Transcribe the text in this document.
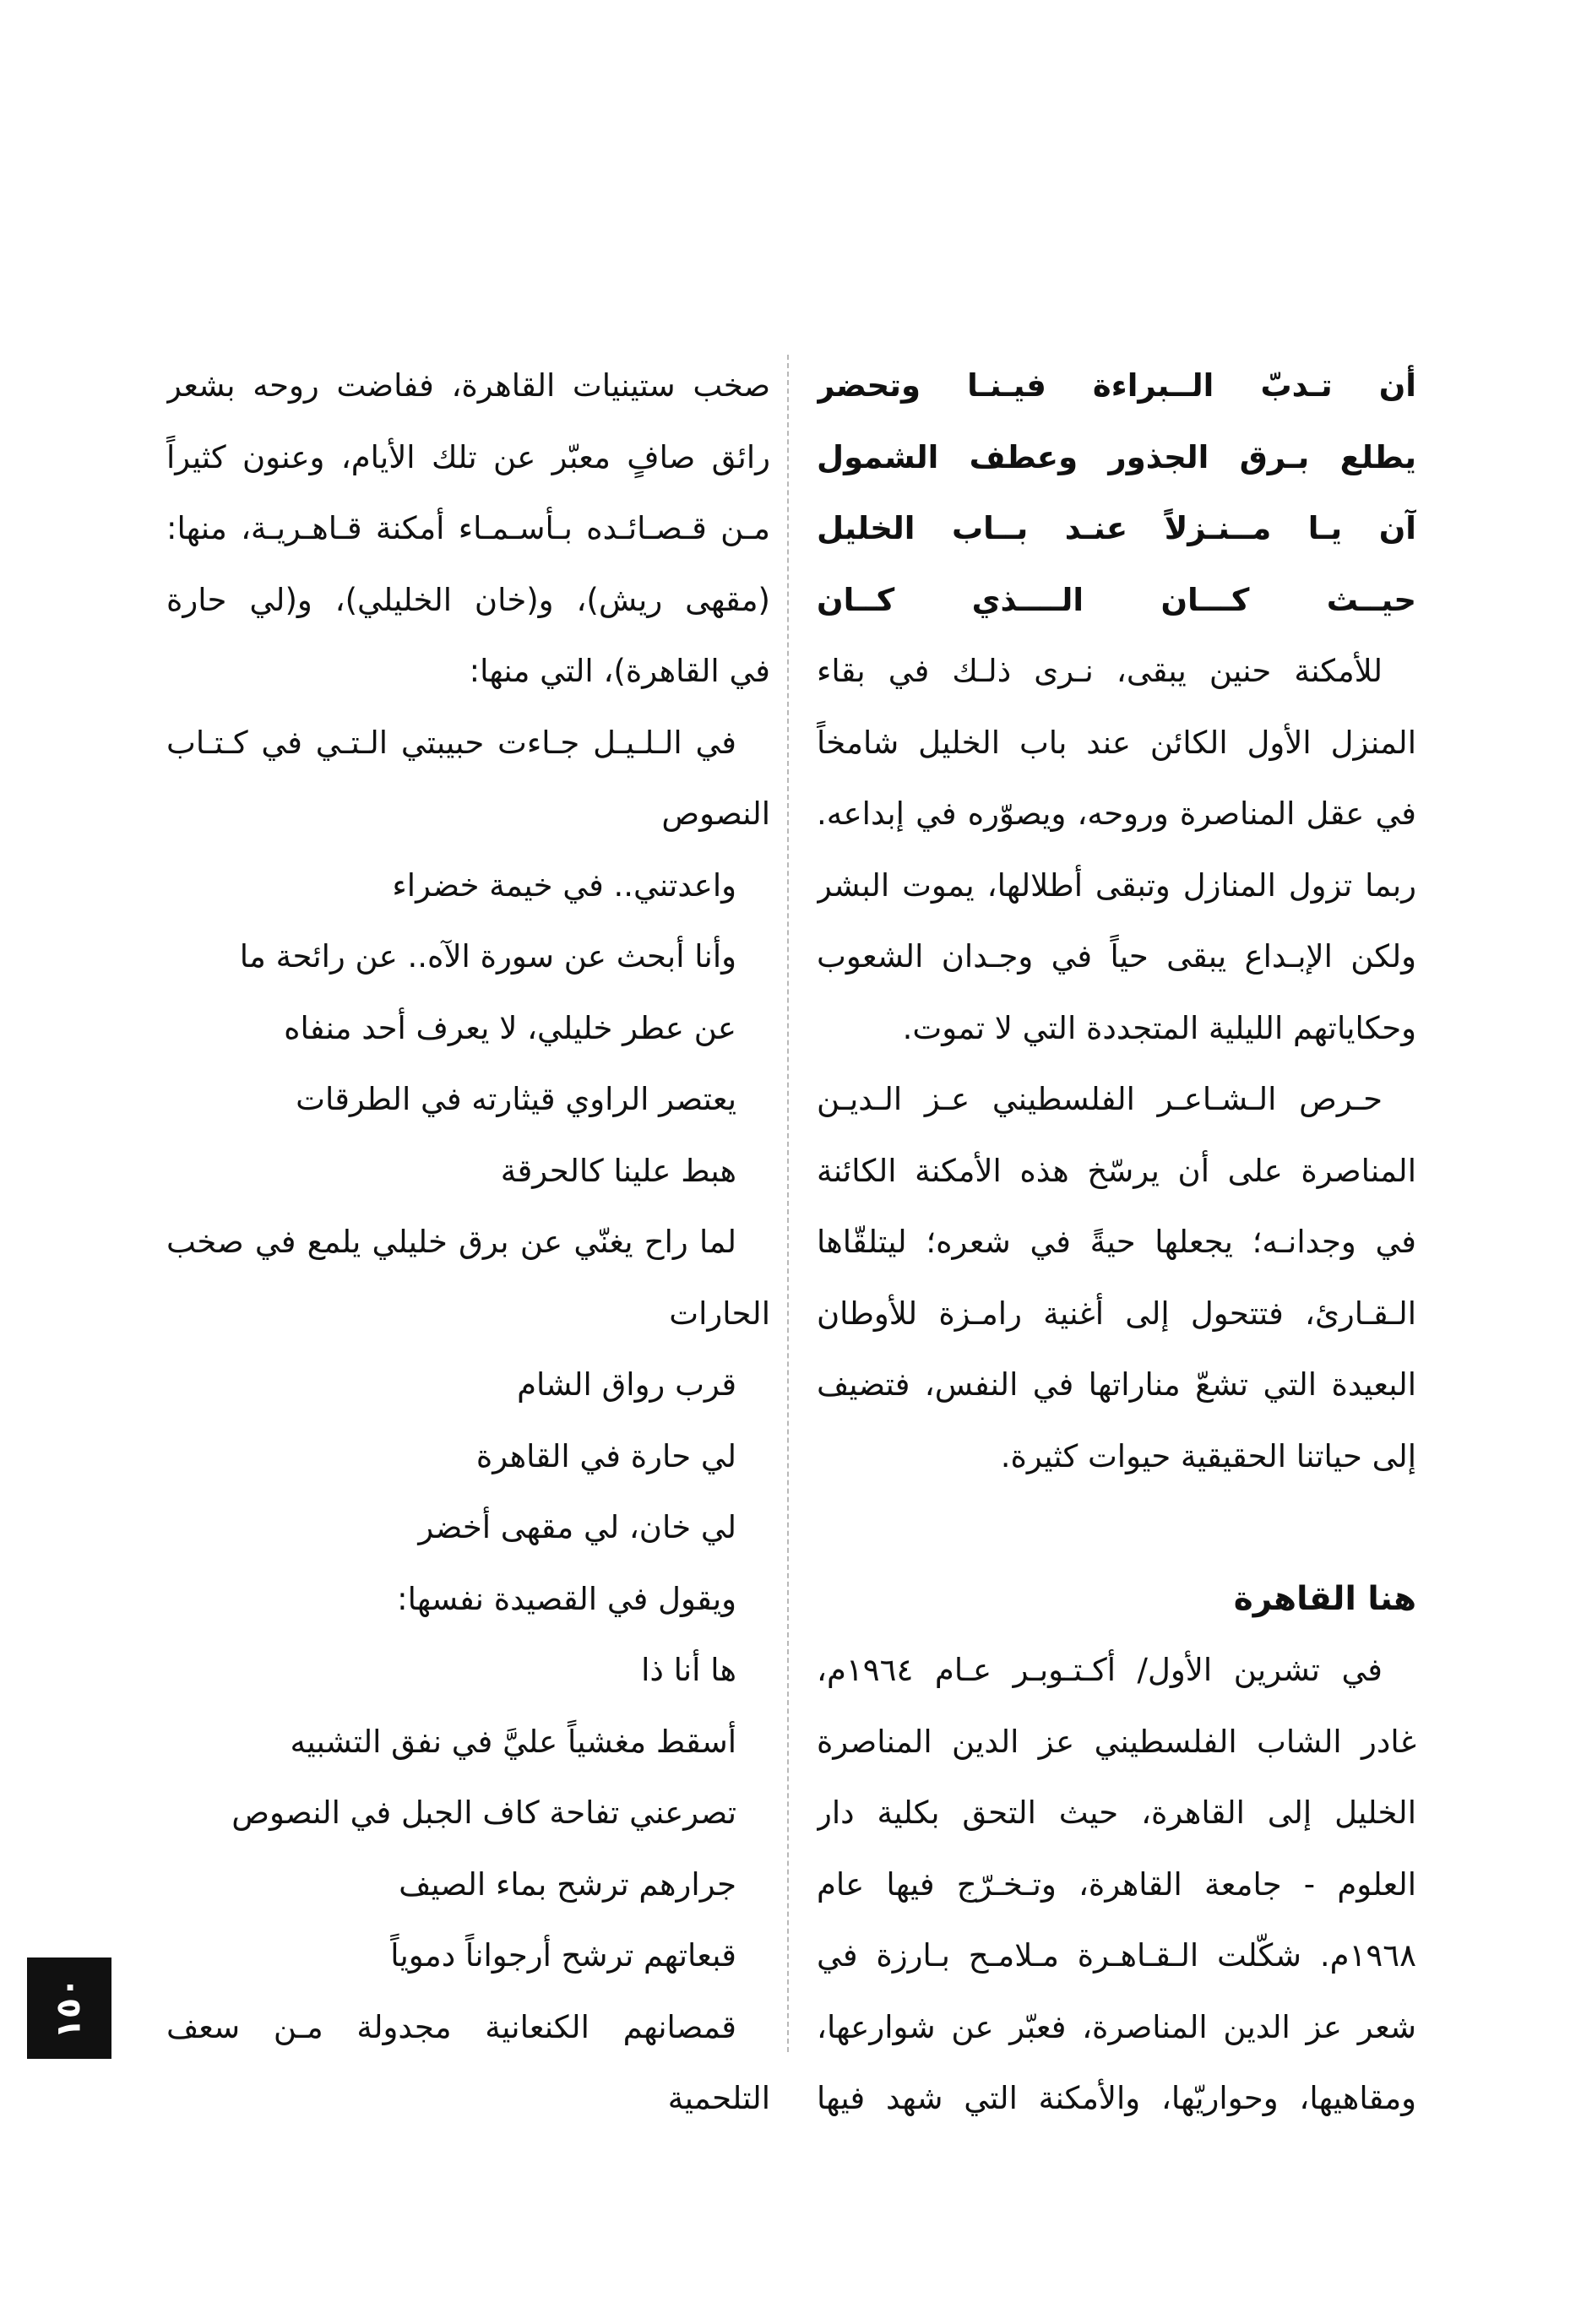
أن تـدبّ الــبراءة فيـنـا وتحضر
يطلع بـرق الجذور وعطف الشمول
آن يـا مــنـزلاً عنـد بــاب الخليل
حيــث كـــان الــــذي كــان
للأمكنة حنين يبقى، نـرى ذلـك في بقاء
المنزل الأول الكائن عند باب الخليل شامخاً
في عقل المناصرة وروحه، ويصوّره في إبداعه.
ربما تزول المنازل وتبقى أطلالها، يموت البشر
ولكن الإبـداع يبقى حياً في وجـدان الشعوب
وحكاياتهم الليلية المتجددة التي لا تموت.
حـرص الـشـاعـر الفلسطيني عـز الـديـن
المناصرة على أن يرسّخ هذه الأمكنة الكائنة
في وجدانـه؛ يجعلها حيةً في شعره؛ ليتلقّاها
الـقـارئ، فتتحول إلى أغنية رامـزة للأوطان
البعيدة التي تشعّ مناراتها في النفس، فتضيف
إلى حياتنا الحقيقية حيوات كثيرة.
هنا القاهرة
في تشرين الأول/ أكـتـوبـر عـام ١٩٦٤م،
غادر الشاب الفلسطيني عز الدين المناصرة
الخليل إلى القاهرة، حيث التحق بكلية دار
العلوم - جامعة القاهرة، وتـخـرّج فيها عام
١٩٦٨م. شكّلت الـقـاهـرة مـلامـح بـارزة في
شعر عز الدين المناصرة، فعبّر عن شوارعها،
ومقاهيها، وحواريّها، والأمكنة التي شهد فيها
صخب ستينيات القاهرة، ففاضت روحه بشعر
رائق صافٍ معبّر عن تلك الأيام، وعنون كثيراً
مـن قـصـائـده بـأسـمـاء أمكنة قـاهـريـة، منها:
(مقهى ريش)، و(خان الخليلي)، و(لي حارة
في القاهرة)، التي منها:
في الـلـيـل جـاءت حبيبتي الـتـي في كـتـاب
النصوص
واعدتني.. في خيمة خضراء
وأنا أبحث عن سورة الآه.. عن رائحة ما
عن عطر خليلي، لا يعرف أحد منفاه
يعتصر الراوي قيثارته في الطرقات
هبط علينا كالحرقة
لما راح يغنّي عن برق خليلي يلمع في صخب
الحارات
قرب رواق الشام
لي حارة في القاهرة
لي خان، لي مقهى أخضر
ويقول في القصيدة نفسها:
ها أنا ذا
أسقط مغشياً عليَّ في نفق التشبيه
تصرعني تفاحة كاف الجبل في النصوص
جرارهم ترشح بماء الصيف
قبعاتهم ترشح أرجواناً دموياً
قمصانهم الكنعانية مجدولة مـن سعف
التلحمية
١٥٠
